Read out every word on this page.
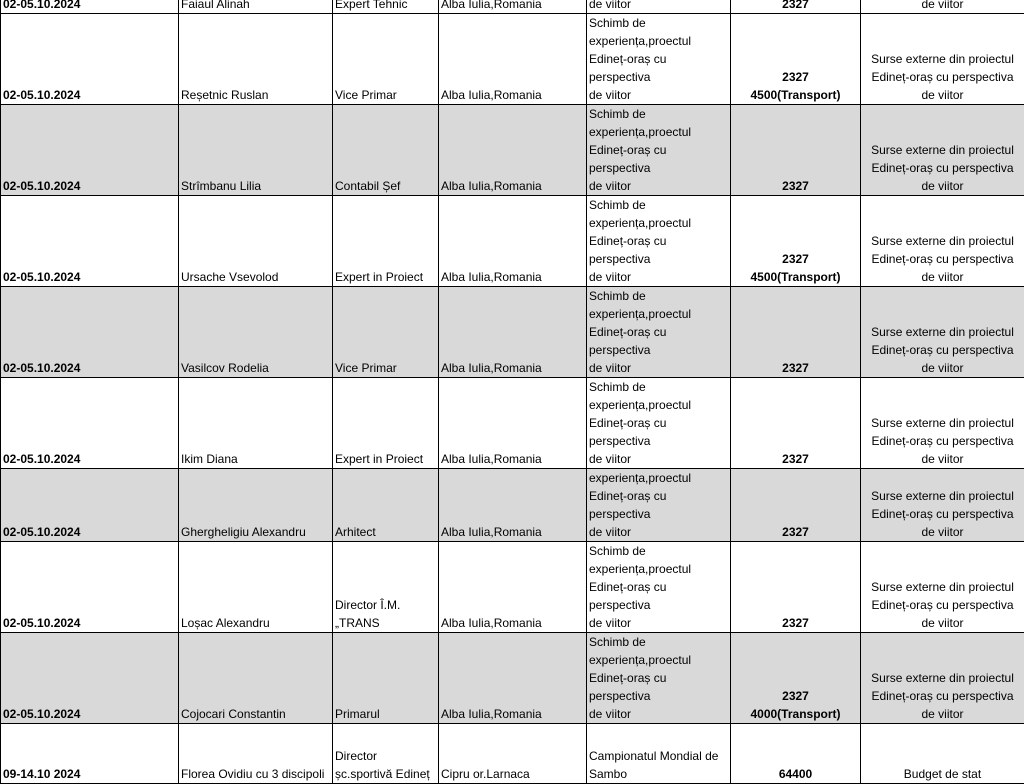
02-05.10.2024	Faiaul Alinah	Expert Tehnic	Alba Iulia,Romania	de viitor	2327	de viitor
02-05.10.2024	Reșetnic Ruslan	Vice Primar	Alba Iulia,Romania	Schimb de
experiența,proectul
Edineț-oraș cu perspectiva
de viitor	2327
4500(Transport)	Surse externe din proiectul
Edineț-oraș cu perspectiva
de viitor

02-05.10.2024	Strîmbanu Lilia	Contabil Șef	Alba Iulia,Romania	Schimb de
experiența,proectul
Edineț-oraș cu perspectiva
de viitor	2327	Surse externe din proiectul
Edineț-oraș cu perspectiva
de viitor

02-05.10.2024	Ursache Vsevolod	Expert in Proiect	Alba Iulia,Romania	Schimb de
experiența,proectul
Edineț-oraș cu perspectiva
de viitor	2327
4500(Transport)	Surse externe din proiectul
Edineț-oraș cu perspectiva
de viitor

02-05.10.2024	Vasilcov Rodelia	Vice Primar	Alba Iulia,Romania	Schimb de
experiența,proectul
Edineț-oraș cu perspectiva
de viitor	2327	Surse externe din proiectul
Edineț-oraș cu perspectiva
de viitor

02-05.10.2024	Ikim Diana	Expert in Proiect	Alba Iulia,Romania	Schimb de
experiența,proectul
Edineț-oraș cu perspectiva
de viitor	2327	Surse externe din proiectul
Edineț-oraș cu perspectiva
de viitor

02-05.10.2024	Ghergheligiu Alexandru	Arhitect	Alba Iulia,Romania	experiența,proectul
Edineț-oraș cu perspectiva
de viitor	2327	Surse externe din proiectul
Edineț-oraș cu perspectiva
de viitor

02-05.10.2024	Loșac Alexandru	Director Î.M. „TRANS	Alba Iulia,Romania	Schimb de
experiența,proectul
Edineț-oraș cu perspectiva
de viitor	2327	Surse externe din proiectul
Edineț-oraș cu perspectiva
de viitor

02-05.10.2024	Cojocari Constantin	Primarul	Alba Iulia,Romania	Schimb de
experiența,proectul
Edineț-oraș cu perspectiva
de viitor	2327
4000(Transport)	Surse externe din proiectul
Edineț-oraș cu perspectiva
de viitor

09-14.10 2024	Florea Ovidiu cu 3 discipoli	Director
șc.sportivă Edineț	Cipru or.Larnaca	Campionatul Mondial de
Sambo	64400	Budget de stat
